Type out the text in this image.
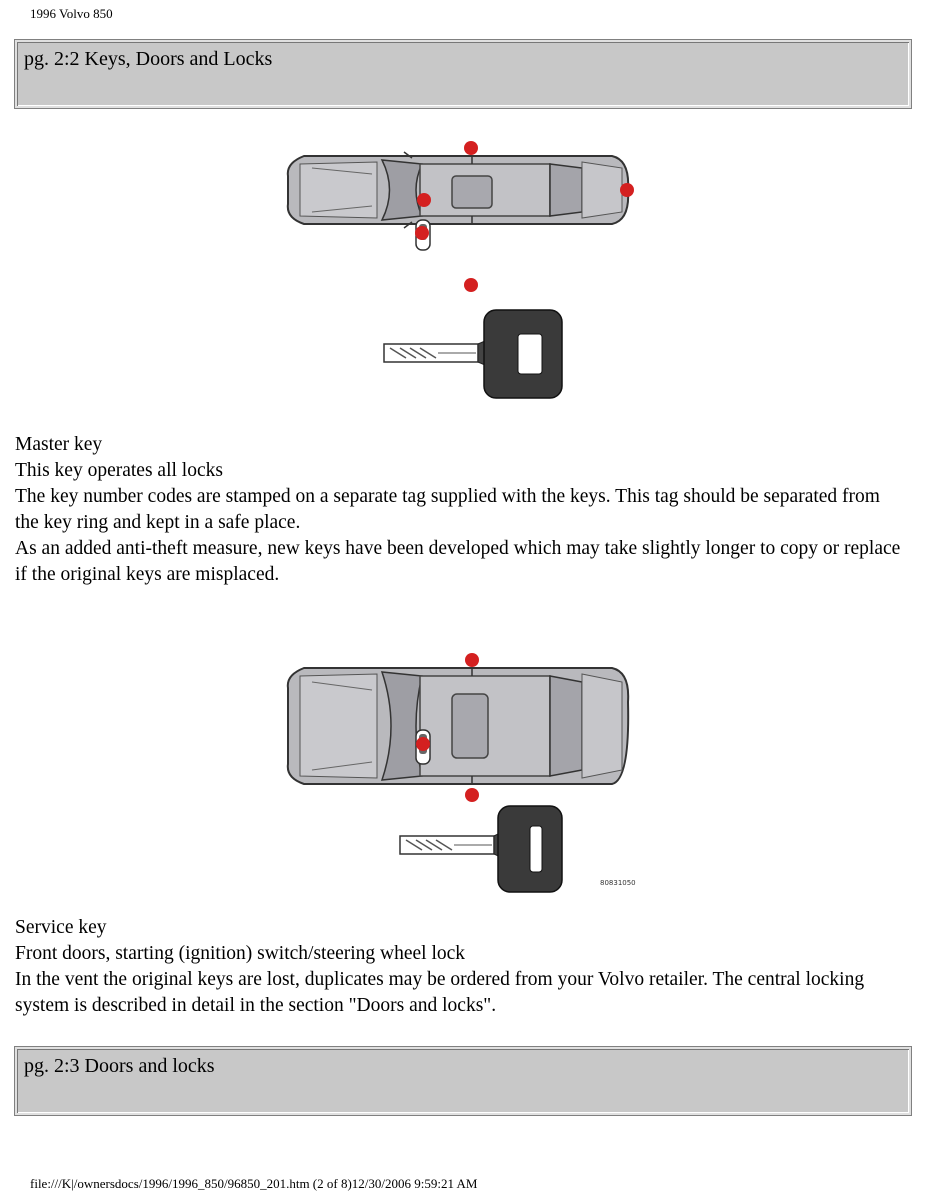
1996 Volvo 850
pg. 2:2 Keys, Doors and Locks
Master key
This key operates all locks
The key number codes are stamped on a separate tag supplied with the keys. This tag should be separated from the key ring and kept in a safe place.
As an added anti-theft measure, new keys have been developed which may take slightly longer to copy or replace if the original keys are misplaced.
80831050
Service key
Front doors, starting (ignition) switch/steering wheel lock
In the vent the original keys are lost, duplicates may be ordered from your Volvo retailer. The central locking system is described in detail in the section "Doors and locks".
pg. 2:3 Doors and locks
file:///K|/ownersdocs/1996/1996_850/96850_201.htm (2 of 8)12/30/2006 9:59:21 AM
